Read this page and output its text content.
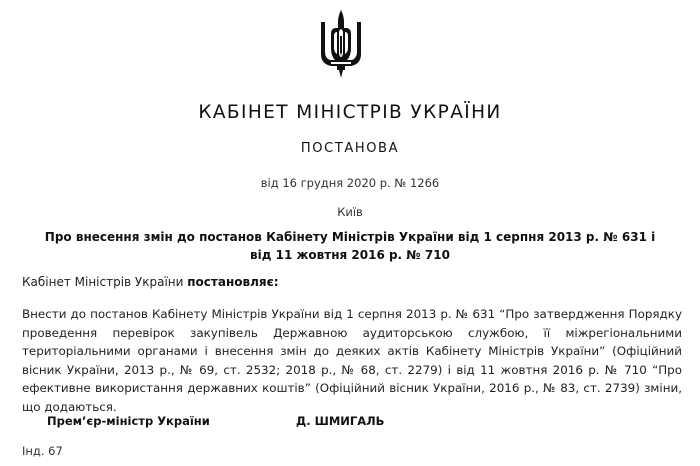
КАБІНЕТ МІНІСТРІВ УКРАЇНИ
ПОСТАНОВА
від 16 грудня 2020 р. № 1266
Київ
Про внесення змін до постанов Кабінету Міністрів України від 1 серпня 2013 р. № 631 і від 11 жовтня 2016 р. № 710
Кабінет Міністрів України постановляє:
Внести до постанов Кабінету Міністрів України від 1 серпня 2013 р. № 631 “Про затвердження Порядку проведення перевірок закупівель Державною аудиторською службою, її міжрегіональними територіальними органами і внесення змін до деяких актів Кабінету Міністрів України” (Офіційний вісник України, 2013 р., № 69, ст. 2532; 2018 р., № 68, ст. 2279) і від 11 жовтня 2016 р. № 710 “Про ефективне використання державних коштів” (Офіційний вісник України, 2016 р., № 83, ст. 2739) зміни, що додаються.
Прем’єр-міністр України	Д. ШМИГАЛЬ
Інд. 67
